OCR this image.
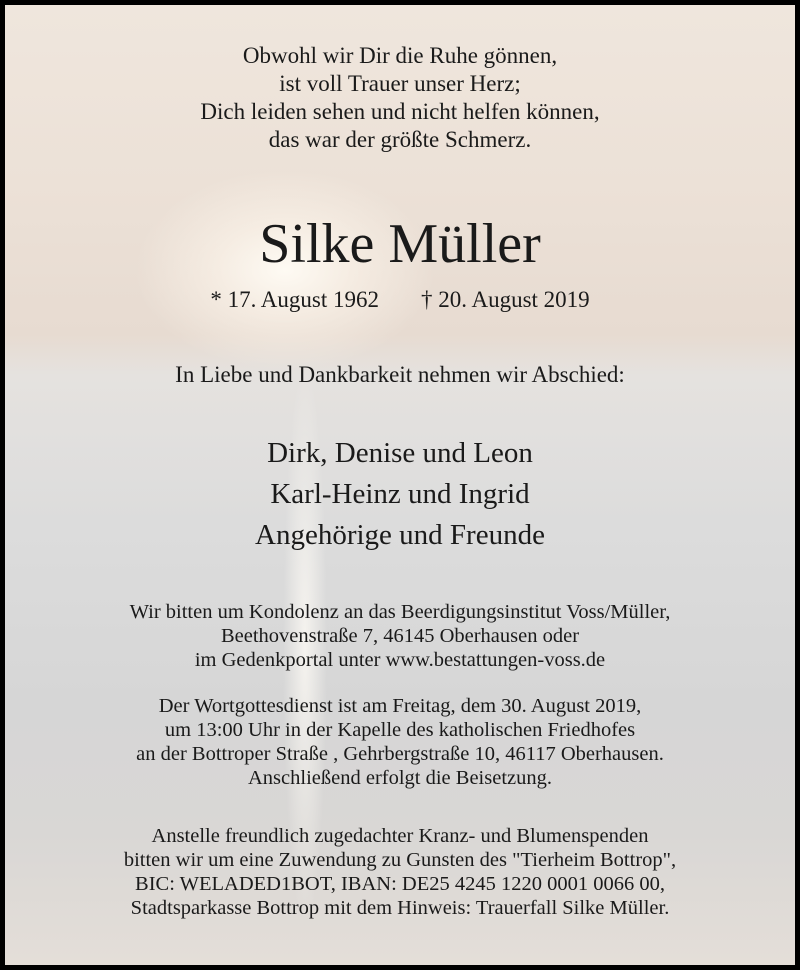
Obwohl wir Dir die Ruhe gönnen,
ist voll Trauer unser Herz;
Dich leiden sehen und nicht helfen können,
das war der größte Schmerz.
Silke Müller
* 17. August 1962 † 20. August 2019
In Liebe und Dankbarkeit nehmen wir Abschied:
Dirk, Denise und Leon
Karl-Heinz und Ingrid
Angehörige und Freunde
Wir bitten um Kondolenz an das Beerdigungsinstitut Voss/Müller,
Beethovenstraße 7, 46145 Oberhausen oder
im Gedenkportal unter www.bestattungen-voss.de
Der Wortgottesdienst ist am Freitag, dem 30. August 2019,
um 13:00 Uhr in der Kapelle des katholischen Friedhofes
an der Bottroper Straße , Gehrbergstraße 10, 46117 Oberhausen.
Anschließend erfolgt die Beisetzung.
Anstelle freundlich zugedachter Kranz- und Blumenspenden
bitten wir um eine Zuwendung zu Gunsten des "Tierheim Bottrop",
BIC: WELADED1BOT, IBAN: DE25 4245 1220 0001 0066 00,
Stadtsparkasse Bottrop mit dem Hinweis: Trauerfall Silke Müller.
